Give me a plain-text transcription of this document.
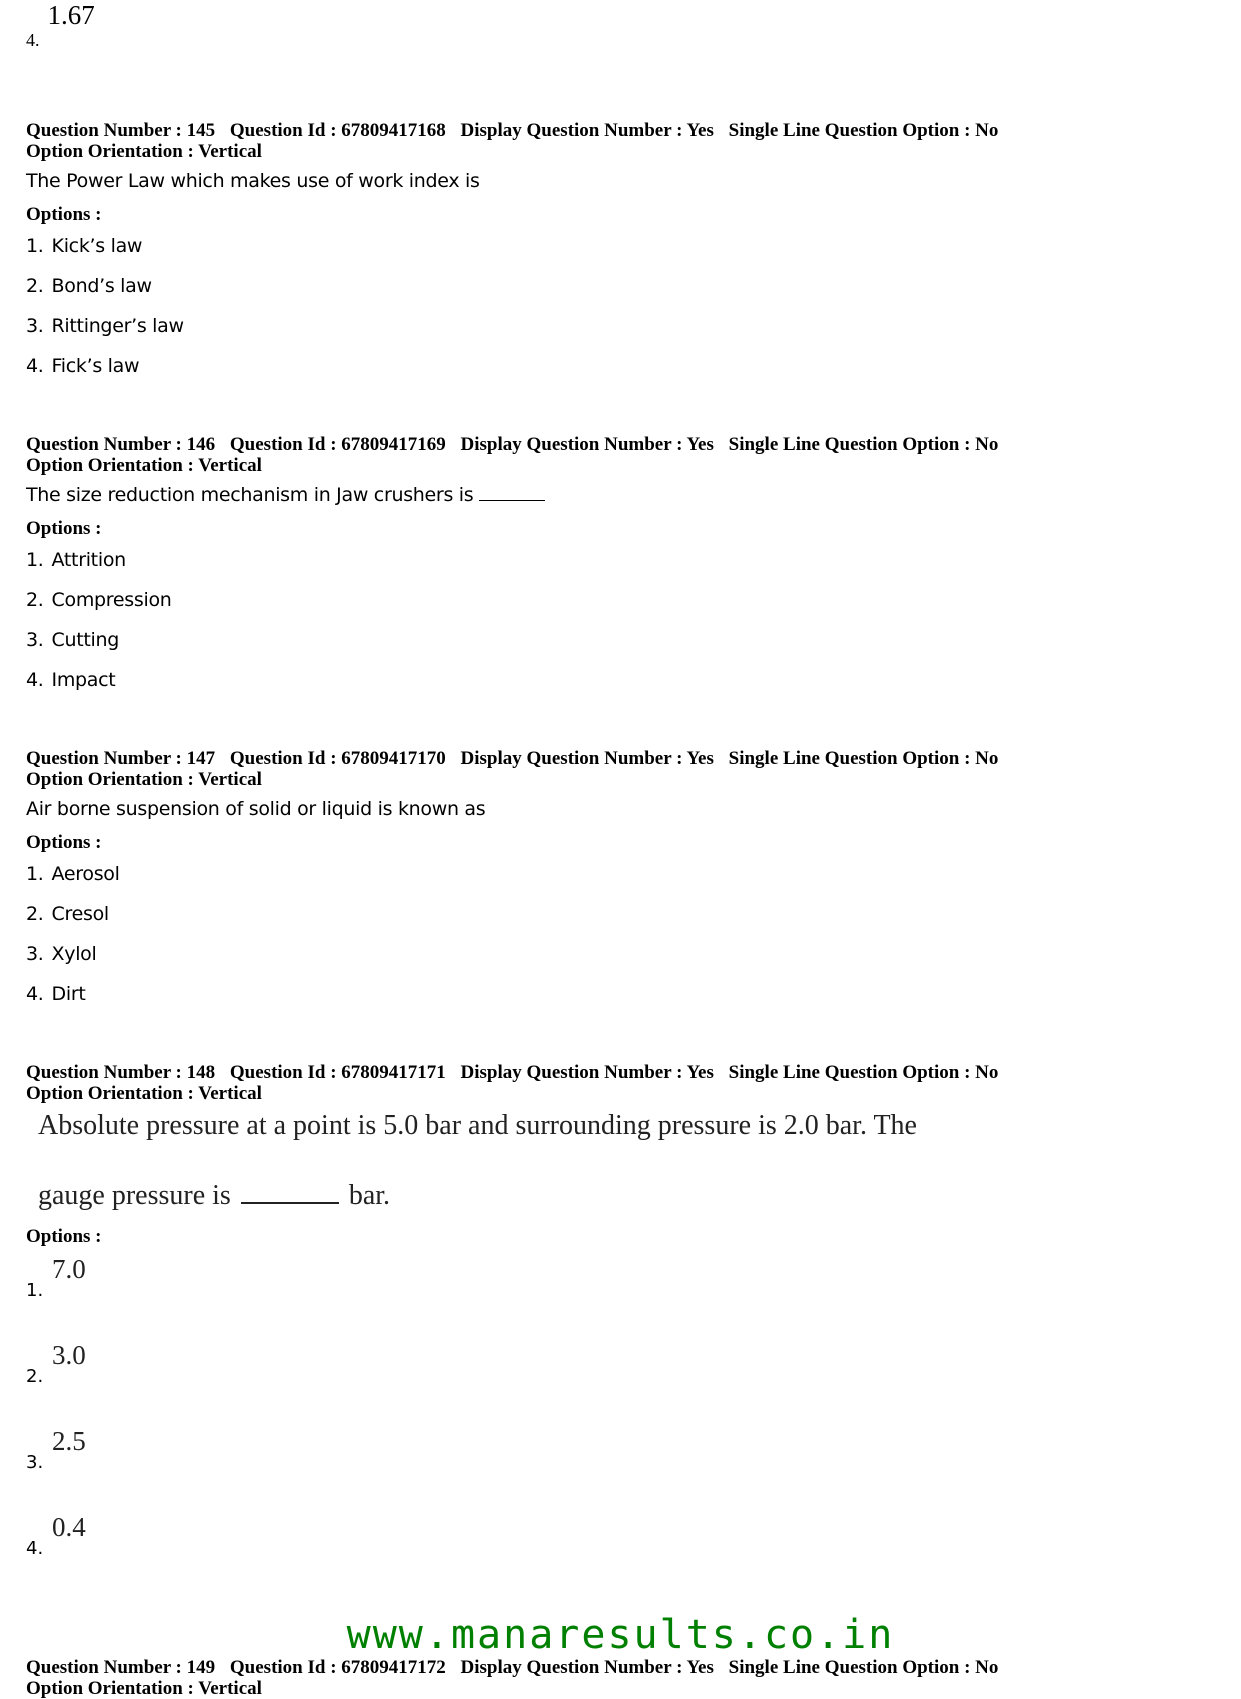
4.1.67

Question Number : 145 Question Id : 67809417168 Display Question Number : Yes Single Line Question Option : No Option Orientation : Vertical

The Power Law which makes use of work index is
Options :
1. Kick’s law
2. Bond’s law
3. Rittinger’s law
4. Fick’s law

Question Number : 146 Question Id : 67809417169 Display Question Number : Yes Single Line Question Option : No Option Orientation : Vertical

The size reduction mechanism in Jaw crushers is
Options :
1. Attrition
2. Compression
3. Cutting
4. Impact

Question Number : 147 Question Id : 67809417170 Display Question Number : Yes Single Line Question Option : No Option Orientation : Vertical

Air borne suspension of solid or liquid is known as
Options :
1. Aerosol
2. Cresol
3. Xylol
4. Dirt

Question Number : 148 Question Id : 67809417171 Display Question Number : Yes Single Line Question Option : No Option Orientation : Vertical

Absolute pressure at a point is 5.0 bar and surrounding pressure is 2.0 bar. The
gauge pressure is	bar.
Options :
1.
7.0
2.
3.0
3.
2.5
4.
0.4
www.manaresults.co.in

Question Number : 149 Question Id : 67809417172 Display Question Number : Yes Single Line Question Option : No Option Orientation : Vertical
